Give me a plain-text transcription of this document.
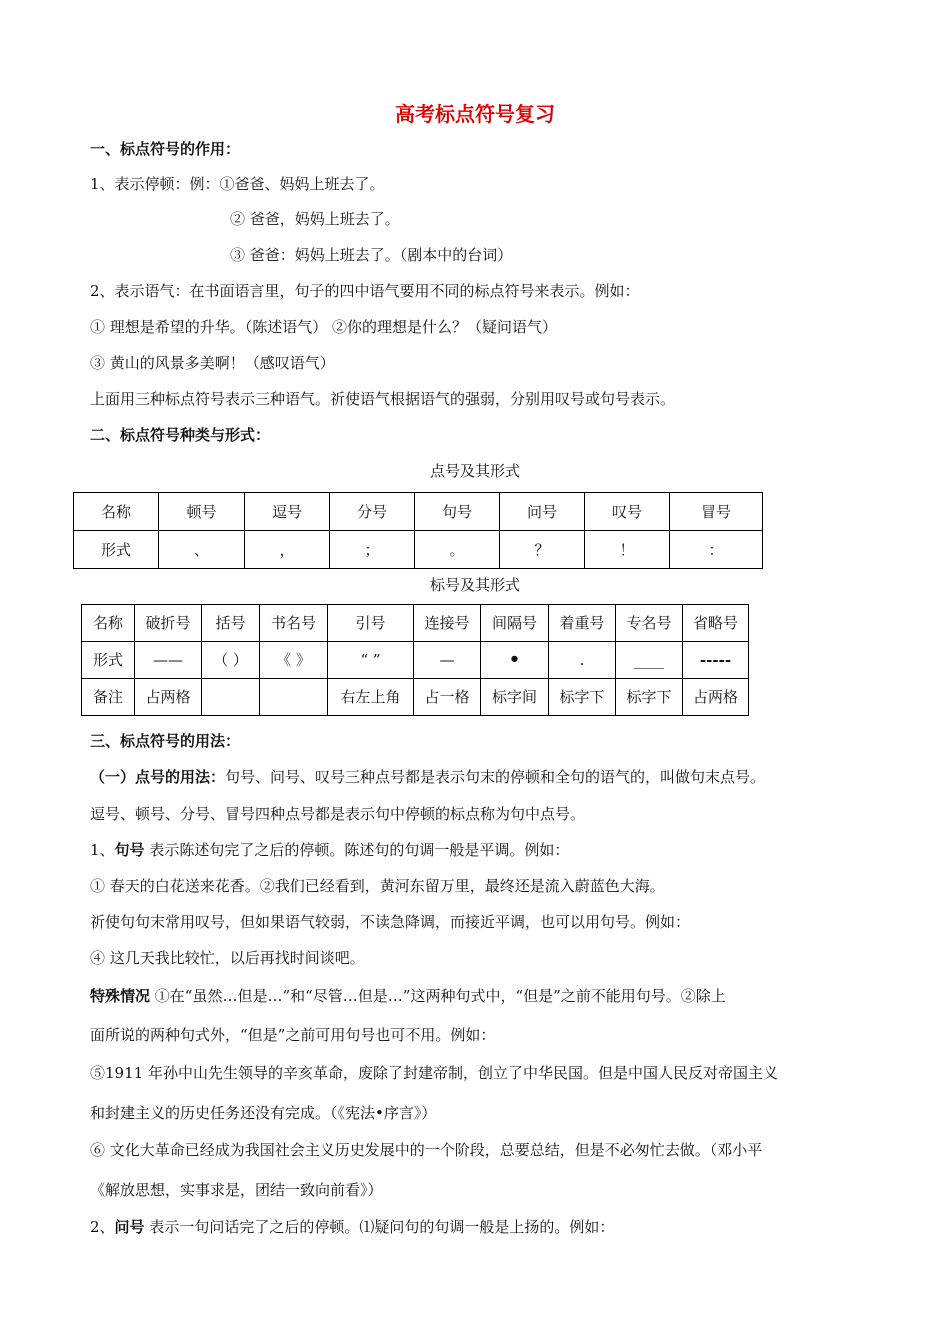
高考标点符号复习
一、标点符号的作用：
1、表示停顿：例：①爸爸、妈妈上班去了。
② 爸爸，妈妈上班去了。
③ 爸爸：妈妈上班去了。（剧本中的台词）
2、表示语气：在书面语言里，句子的四中语气要用不同的标点符号来表示。例如：
① 理想是希望的升华。（陈述语气） ②你的理想是什么？（疑问语气）
③ 黄山的风景多美啊！（感叹语气）
上面用三种标点符号表示三种语气。祈使语气根据语气的强弱，分别用叹号或句号表示。
二、标点符号种类与形式：
点号及其形式
名称	顿号	逗号	分号	句号	问号	叹号	冒号
形式	、	，	；	。	？	！	：
标号及其形式
名称	破折号	括号	书名号	引号	连接号	间隔号	着重号	专名号	省略号
形式	——	（ ）	《 》	“ ”	—	•	.	____	-----
备注	占两格			右左上角	占一格	标字间	标字下	标字下	占两格
三、标点符号的用法：
（一）点号的用法：句号、问号、叹号三种点号都是表示句末的停顿和全句的语气的，叫做句末点号。
逗号、顿号、分号、冒号四种点号都是表示句中停顿的标点称为句中点号。
1、句号 表示陈述句完了之后的停顿。陈述句的句调一般是平调。例如：
① 春天的白花送来花香。②我们已经看到，黄河东留万里，最终还是流入蔚蓝色大海。
祈使句句末常用叹号，但如果语气较弱，不读急降调，而接近平调，也可以用句号。例如：
④ 这几天我比较忙，以后再找时间谈吧。
特殊情况 ①在“虽然…但是…”和“尽管…但是…”这两种句式中，“但是”之前不能用句号。②除上
面所说的两种句式外，“但是”之前可用句号也可不用。例如：
⑤1911 年孙中山先生领导的辛亥革命，废除了封建帝制，创立了中华民国。但是中国人民反对帝国主义
和封建主义的历史任务还没有完成。（《宪法•序言》）
⑥ 文化大革命已经成为我国社会主义历史发展中的一个阶段，总要总结，但是不必匆忙去做。（邓小平
《解放思想，实事求是，团结一致向前看》）
2、问号 表示一句问话完了之后的停顿。⑴疑问句的句调一般是上扬的。例如：
